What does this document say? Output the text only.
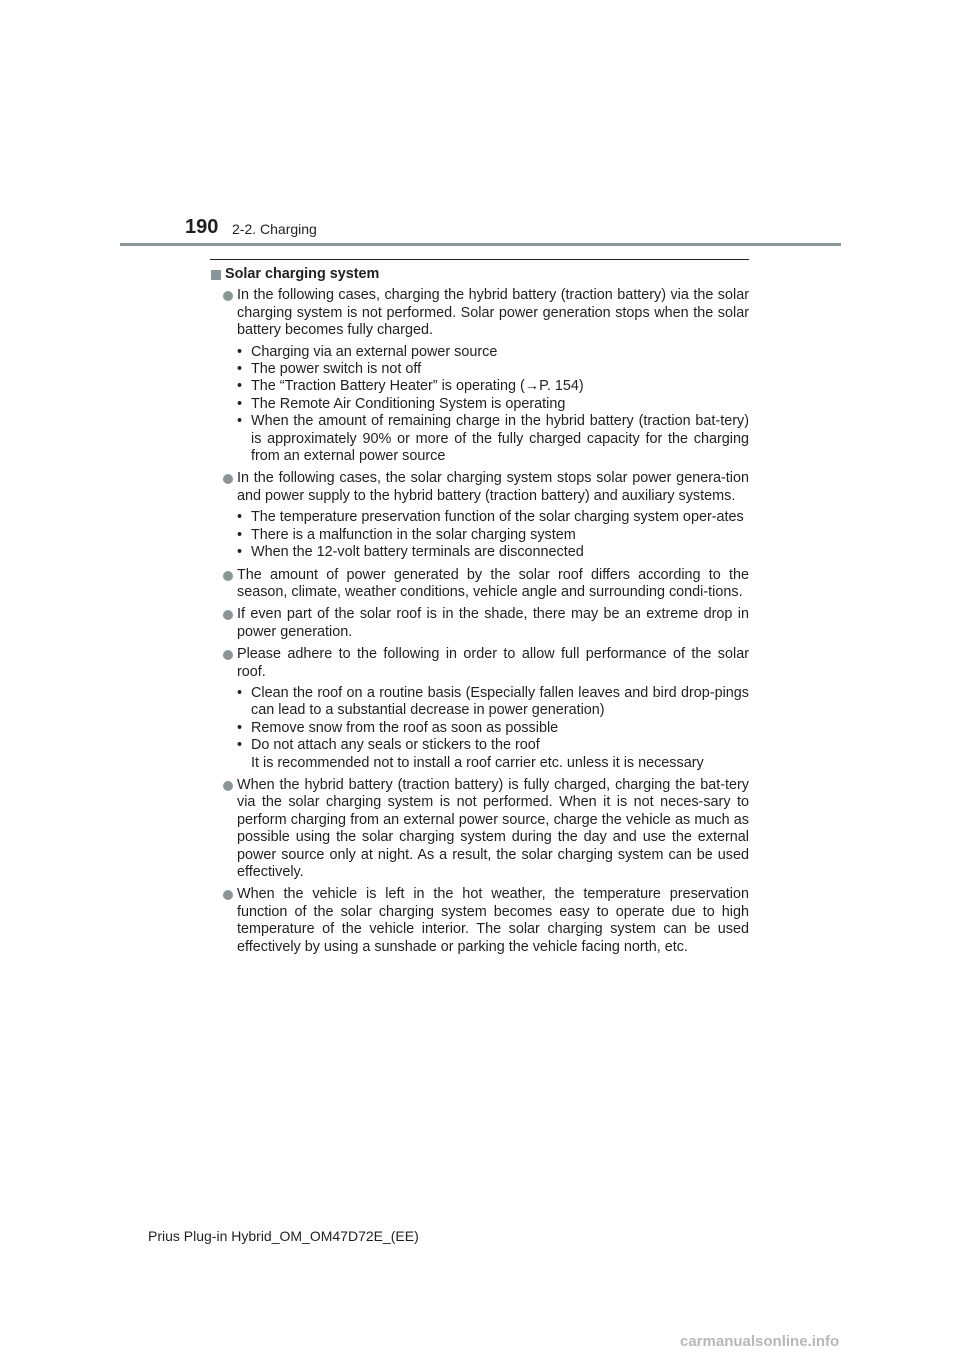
190 2-2. Charging
Solar charging system
In the following cases, charging the hybrid battery (traction battery) via the solar charging system is not performed. Solar power generation stops when the solar battery becomes fully charged.
• Charging via an external power source
• The power switch is not off
• The “Traction Battery Heater” is operating (→P. 154)
• The Remote Air Conditioning System is operating
• When the amount of remaining charge in the hybrid battery (traction bat-tery) is approximately 90% or more of the fully charged capacity for the charging from an external power source
In the following cases, the solar charging system stops solar power genera-tion and power supply to the hybrid battery (traction battery) and auxiliary systems.
• The temperature preservation function of the solar charging system oper-ates
• There is a malfunction in the solar charging system
• When the 12-volt battery terminals are disconnected
The amount of power generated by the solar roof differs according to the season, climate, weather conditions, vehicle angle and surrounding condi-tions.
If even part of the solar roof is in the shade, there may be an extreme drop in power generation.
Please adhere to the following in order to allow full performance of the solar roof.
• Clean the roof on a routine basis (Especially fallen leaves and bird drop-pings can lead to a substantial decrease in power generation)
• Remove snow from the roof as soon as possible
• Do not attach any seals or stickers to the roof
It is recommended not to install a roof carrier etc. unless it is necessary
When the hybrid battery (traction battery) is fully charged, charging the bat-tery via the solar charging system is not performed. When it is not neces-sary to perform charging from an external power source, charge the vehicle as much as possible using the solar charging system during the day and use the external power source only at night. As a result, the solar charging system can be used effectively.
When the vehicle is left in the hot weather, the temperature preservation function of the solar charging system becomes easy to operate due to high temperature of the vehicle interior. The solar charging system can be used effectively by using a sunshade or parking the vehicle facing north, etc.
Prius Plug-in Hybrid_OM_OM47D72E_(EE)
carmanualsonline.info
